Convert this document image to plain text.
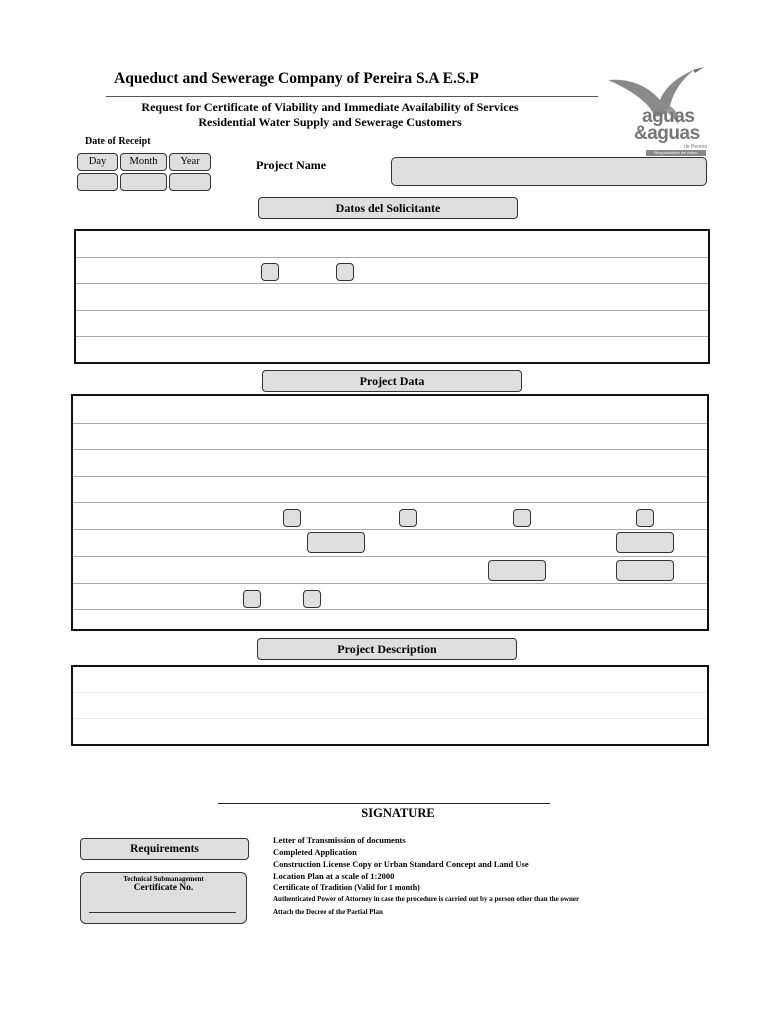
Aqueduct and Sewerage Company of Pereira S.A E.S.P
Request for Certificate of Viability and Immediate Availability of Services
Residential Water Supply and Sewerage Customers	aguas
&aguas
de Pereira
Responsables del futuro
Date of Receipt
Day	Month	Year	Project Name
Datos del Solicitante
Project Data
Project Description
SIGNATURE
Requirements
Technical Submanagement
Certificate No.
Letter of Transmission of documents
Completed Application
Construction License Copy or Urban Standard Concept and Land Use
Location Plan at a scale of 1:2000
Certificate of Tradition (Valid for 1 month)
Authenticated Power of Attorney in case the procedure is carried out by a person other than the owner
Attach the Decree of the Partial Plan
